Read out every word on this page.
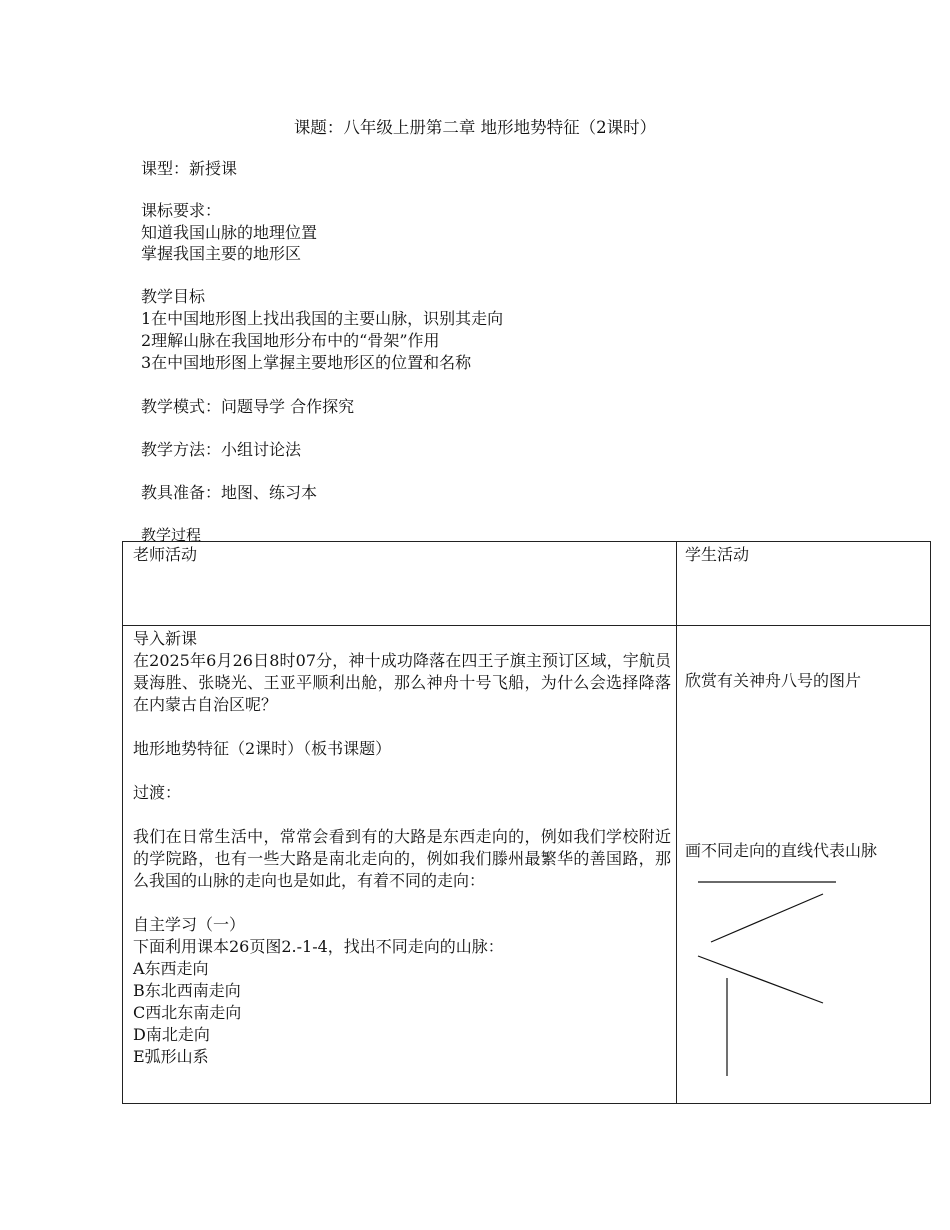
课题：八年级上册第二章 地形地势特征（2课时）
课型：新授课
课标要求：
知道我国山脉的地理位置
掌握我国主要的地形区
教学目标
1在中国地形图上找出我国的主要山脉，识别其走向
2理解山脉在我国地形分布中的“骨架”作用
3在中国地形图上掌握主要地形区的位置和名称
教学模式：问题导学 合作探究
教学方法：小组讨论法
教具准备：地图、练习本
教学过程
老师活动	学生活动

导入新课

在2025年6月26日8时07分，神十成功降落在四王子旗主预订区域，宇航员聂海胜、张晓光、王亚平顺利出舱，那么神舟十号飞船，为什么会选择降落在内蒙古自治区呢？

地形地势特征（2课时）（板书课题）

过渡：

我们在日常生活中，常常会看到有的大路是东西走向的，例如我们学校附近的学院路，也有一些大路是南北走向的，例如我们滕州最繁华的善国路，那么我国的山脉的走向也是如此，有着不同的走向：

自主学习（一）

下面利用课本26页图2.-1-4，找出不同走向的山脉：

A东西走向

B东北西南走向

C西北东南走向

D南北走向

E弧形山系

欣赏有关神舟八号的图片
画不同走向的直线代表山脉
